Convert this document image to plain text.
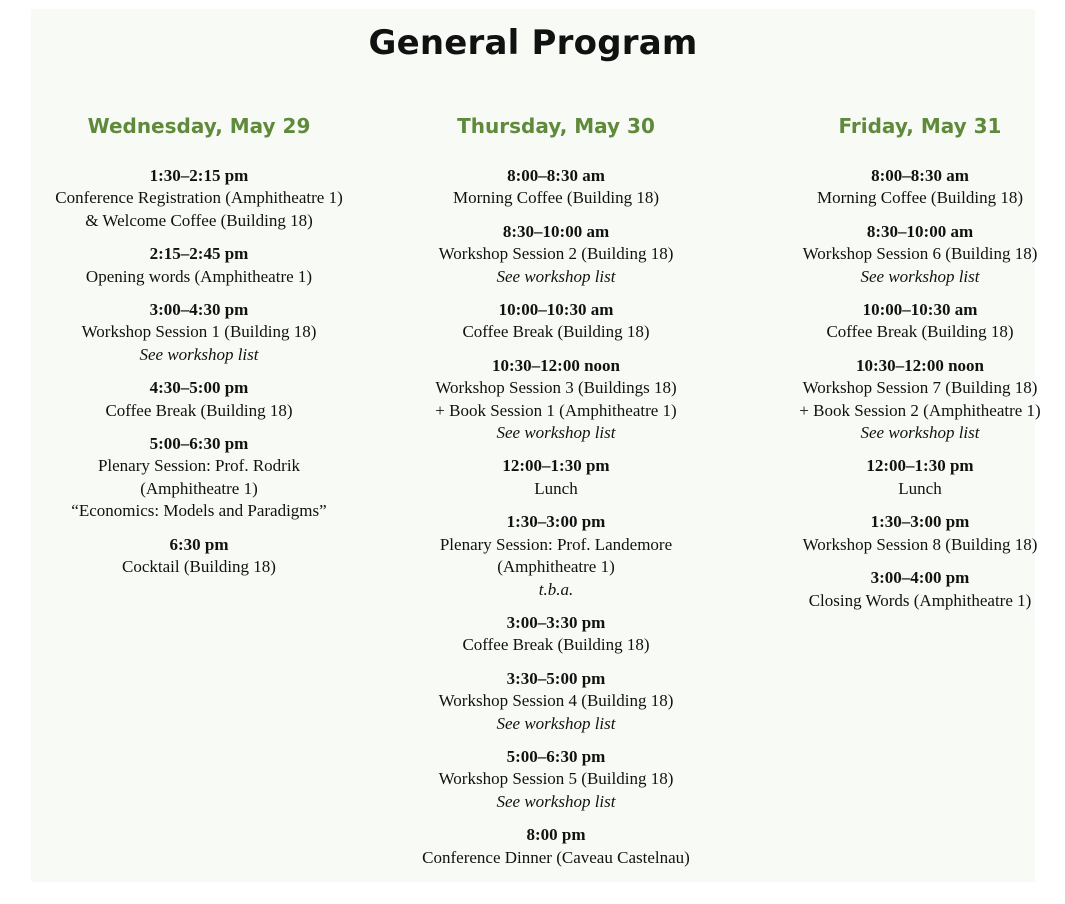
General Program
Wednesday, May 29
1:30–2:15 pm
Conference Registration (Amphitheatre 1)
& Welcome Coffee (Building 18)
2:15–2:45 pm
Opening words (Amphitheatre 1)
3:00–4:30 pm
Workshop Session 1 (Building 18)
See workshop list
4:30–5:00 pm
Coffee Break (Building 18)
5:00–6:30 pm
Plenary Session: Prof. Rodrik
(Amphitheatre 1)
“Economics: Models and Paradigms”
6:30 pm
Cocktail (Building 18)
Thursday, May 30
8:00–8:30 am
Morning Coffee (Building 18)
8:30–10:00 am
Workshop Session 2 (Building 18)
See workshop list
10:00–10:30 am
Coffee Break (Building 18)
10:30–12:00 noon
Workshop Session 3 (Buildings 18)
+ Book Session 1 (Amphitheatre 1)
See workshop list
12:00–1:30 pm
Lunch
1:30–3:00 pm
Plenary Session: Prof. Landemore
(Amphitheatre 1)
t.b.a.
3:00–3:30 pm
Coffee Break (Building 18)
3:30–5:00 pm
Workshop Session 4 (Building 18)
See workshop list
5:00–6:30 pm
Workshop Session 5 (Building 18)
See workshop list
8:00 pm
Conference Dinner (Caveau Castelnau)
Friday, May 31
8:00–8:30 am
Morning Coffee (Building 18)
8:30–10:00 am
Workshop Session 6 (Building 18)
See workshop list
10:00–10:30 am
Coffee Break (Building 18)
10:30–12:00 noon
Workshop Session 7 (Building 18)
+ Book Session 2 (Amphitheatre 1)
See workshop list
12:00–1:30 pm
Lunch
1:30–3:00 pm
Workshop Session 8 (Building 18)
3:00–4:00 pm
Closing Words (Amphitheatre 1)
